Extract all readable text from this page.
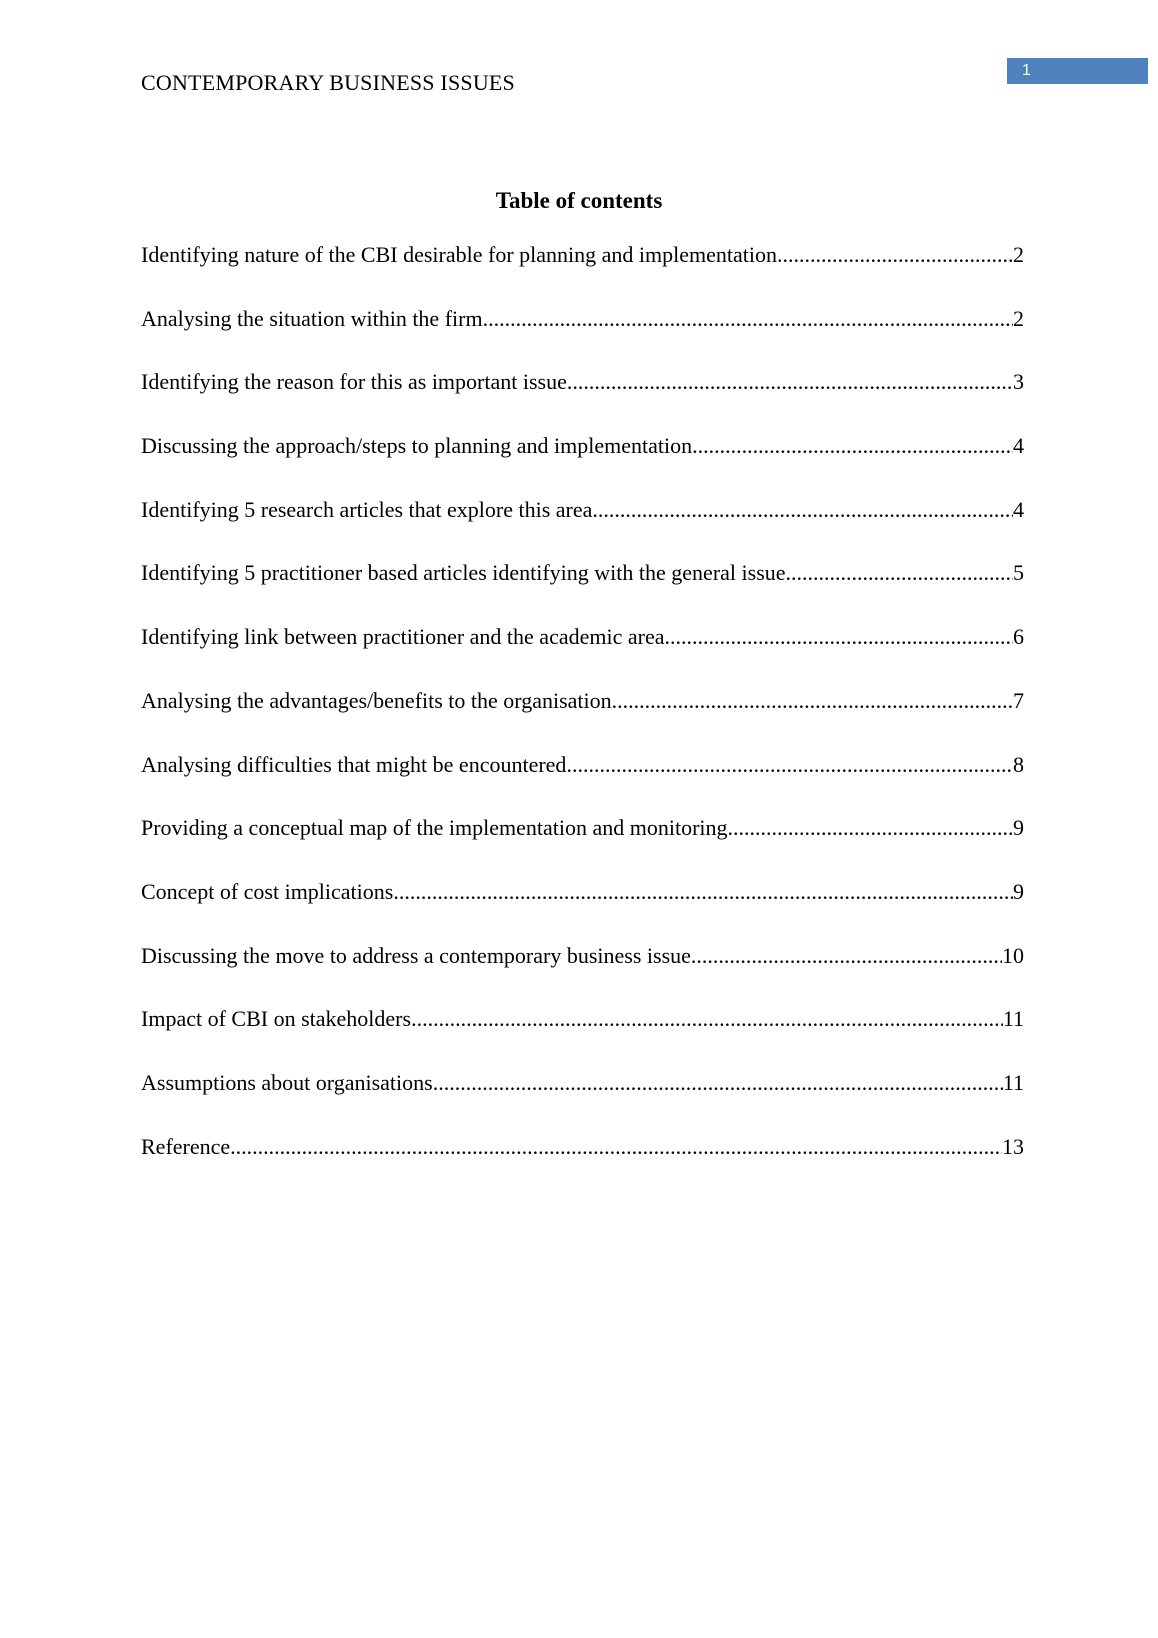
CONTEMPORARY BUSINESS ISSUES	1
Table of contents
Identifying nature of the CBI desirable for planning and implementation .....	2
Analysing the situation within the firm .....	2
Identifying the reason for this as important issue .....	3
Discussing the approach/steps to planning and implementation .....	4
Identifying 5 research articles that explore this area .....	4
Identifying 5 practitioner based articles identifying with the general issue .....	5
Identifying link between practitioner and the academic area .....	6
Analysing the advantages/benefits to the organisation .....	7
Analysing difficulties that might be encountered .....	8
Providing a conceptual map of the implementation and monitoring .....	9
Concept of cost implications .....	9
Discussing the move to address a contemporary business issue .....	10
Impact of CBI on stakeholders .....	11
Assumptions about organisations .....	11
Reference .....	13
